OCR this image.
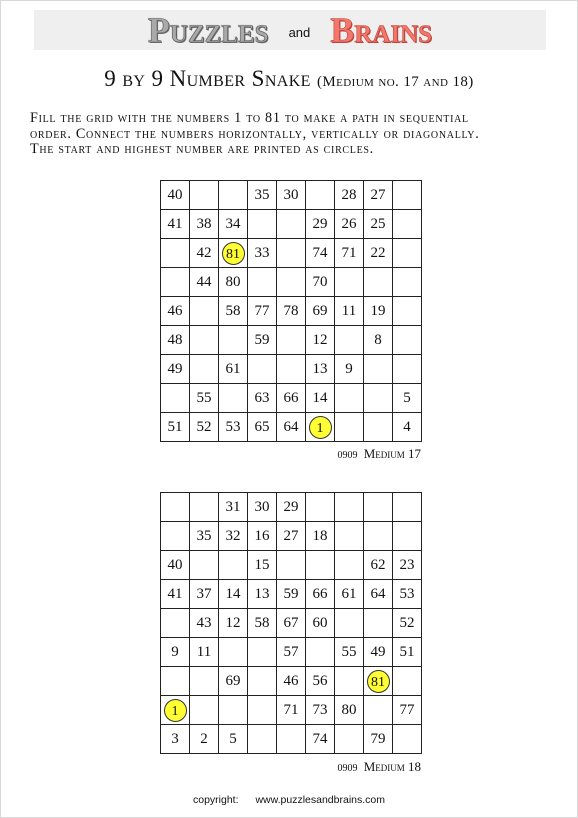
Puzzles and Brains
9 by 9 Number Snake (Medium no. 17 and 18)
Fill the grid with the numbers 1 to 81 to make a path in sequential
order. Connect the numbers horizontally, vertically or diagonally.
The start and highest number are printed as circles.
40			35	30		28	27	
41	38	34			29	26	25	
	42	81	33		74	71	22	
	44	80			70			
46		58	77	78	69	11	19	
48			59		12		8	
49		61			13	9		
	55		63	66	14			5
51	52	53	65	64	1			4
0909 Medium 17
		31	30	29				
	35	32	16	27	18			
40			15				62	23
41	37	14	13	59	66	61	64	53
	43	12	58	67	60			52
9	11			57		55	49	51
		69		46	56		81	
1				71	73	80		77
3	2	5			74		79	
0909 Medium 18
copyright: www.puzzlesandbrains.com
